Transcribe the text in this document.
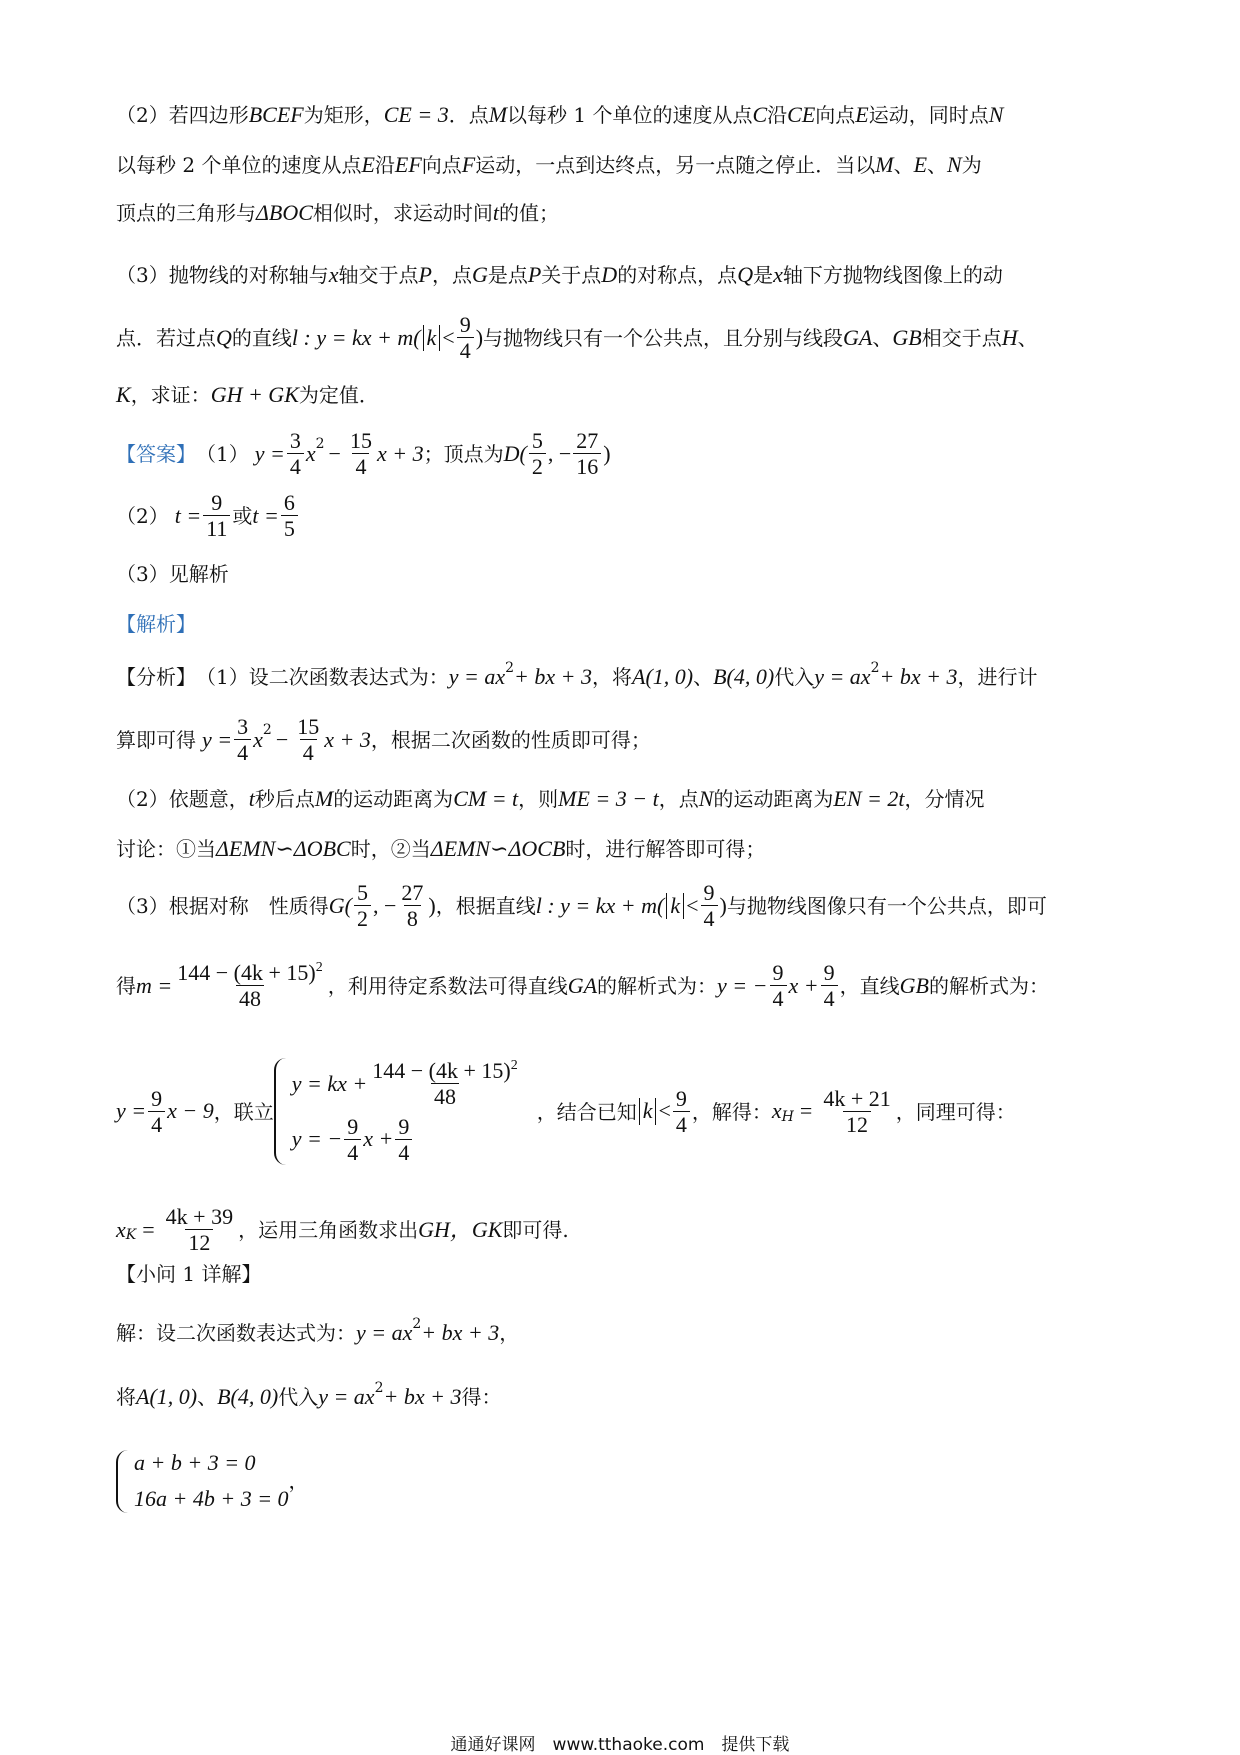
（2）若四边形 BCEF 为矩形， CE = 3 ．点 M 以每秒 1 个单位的速度从点 C 沿 CE 向点 E 运动，同时点 N
以每秒 2 个单位的速度从点 E 沿 EF 向点 F 运动，一点到达终点，另一点随之停止．当以 M 、 E 、 N 为
顶点的三角形与 ΔBOC 相似时，求运动时间 t 的值；
（3）抛物线的对称轴与 x 轴交于点 P ，点 G 是点 P 关于点 D 的对称点，点 Q 是 x 轴下方抛物线图像上的动
点．若过点 Q 的直线 l : y = kx + m( $k < \frac{9}{4}$ ) 与抛物线只有一个公共点，且分别与线段 GA 、 GB 相交于点 H 、
K ，求证： GH + GK 为定值．
【答案】 （1） $y = \frac{3}{4}$ x $2 - \frac{15}{4}$ x + 3 ；顶点为 $D( \frac{5}{2}$ , − $\frac{27}{16}$ )
（2） $t = \frac{9}{11}$ 或 $t = \frac{6}{5}$
（3）见解析
【解析】
【分析】 （1）设二次函数表达式为： y = ax 2 + bx + 3 ，将 A(1, 0) 、 B(4, 0) 代入 y = ax 2 + bx + 3 ，进行计
算即可得 $y = \frac{3}{4}$ x $2 - \frac{15}{4}$ x + 3 ，根据二次函数的性质即可得；
（2）依题意， t 秒后点 M 的运动距离为 CM = t ，则 ME = 3 − t ，点 N 的运动距离为 EN = 2t ，分情况
讨论：①当 ΔEMN∽ΔOBC 时，②当 ΔEMN∽ΔOCB 时，进行解答即可得；
（3）根据对称 性质得 $G( \frac{5}{2}$ , − $\frac{27}{8}$ ) ，根据直线 l : y = kx + m( $k < \frac{9}{4}$ ) 与抛物线图像只有一个公共点，即可
得 $m = \frac{144 - (4k + 15)^2}{48}$ ，利用待定系数法可得直线 GA 的解析式为： y = − $\frac{9}{4}$ $x + \frac{9}{4}$ ，直线 GB 的解析式为：
$y = \frac{9}{4}$ x − 9 ，联立
y = kx + $\frac{144 - (4k + 15)^2}{48}$
y = − $\frac{9}{4}$ $x + \frac{9}{4}$
，结合已知 $k < \frac{9}{4}$ ，解得： x $H = \frac{4k + 21}{12}$ ，同理可得：
x $K = \frac{4k + 39}{12}$ ，运用三角函数求出 GH，GK 即可得.
【小问 1 详解】
解：设二次函数表达式为： y = ax 2 + bx + 3 ，
将 A(1, 0) 、 B(4, 0) 代入 y = ax 2 + bx + 3 得：
a + b + 3 = 0
16a + 4b + 3 = 0
，
通通好课网　www.tthaoke.com　提供下载
